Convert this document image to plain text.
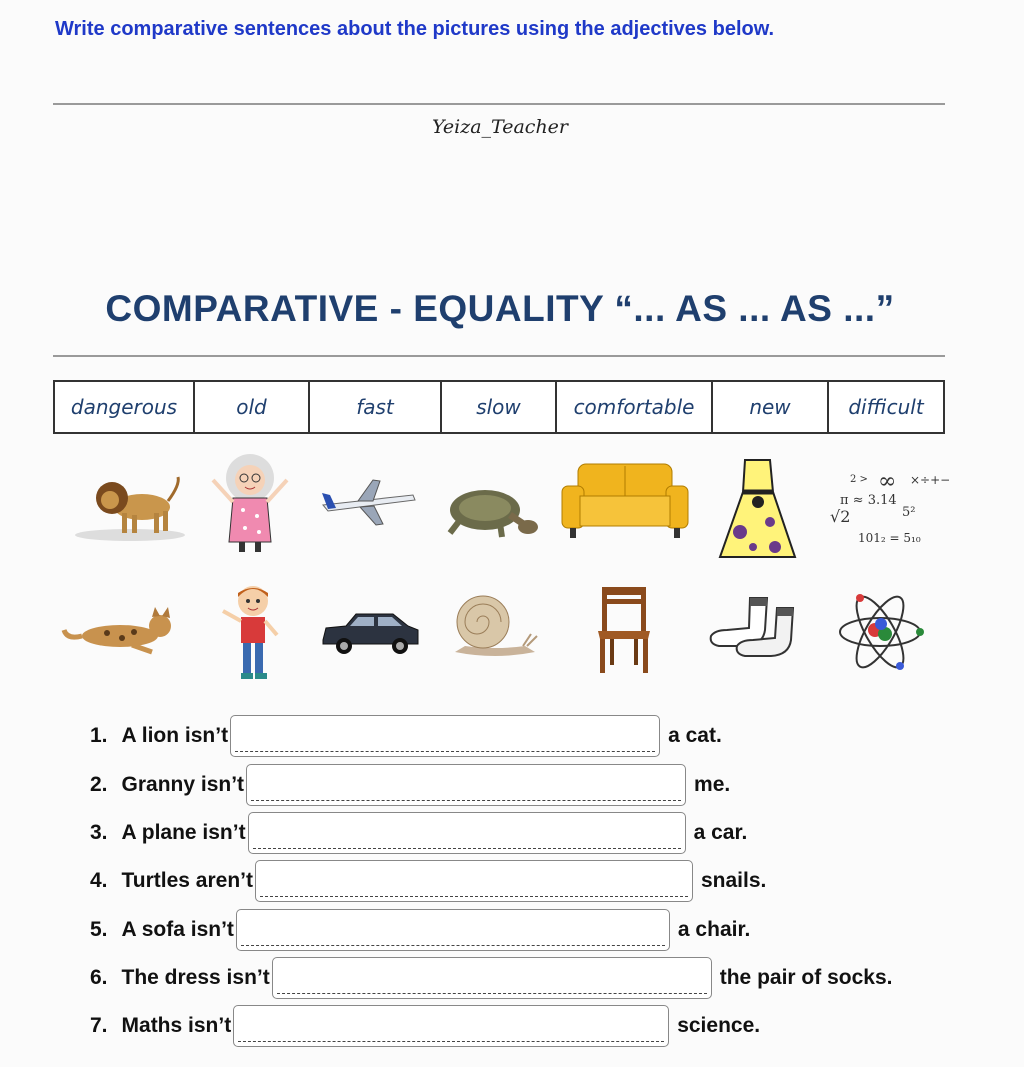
Write comparative sentences about the pictures using the adjectives below.
Yeiza_Teacher
COMPARATIVE - EQUALITY “... AS ... AS ...”
dangerous	old	fast	slow	comfortable	new	difficult
2 > ∞ ×÷+−
π ≈ 3.14
√2	5²
101₂ = 5₁₀
1. A lion isn’t	a cat.
2. Granny isn’t	me.
3. A plane isn’t	a car.
4. Turtles aren’t	snails.
5. A sofa isn’t	a chair.
6. The dress isn’t	the pair of socks.
7. Maths isn’t	science.
